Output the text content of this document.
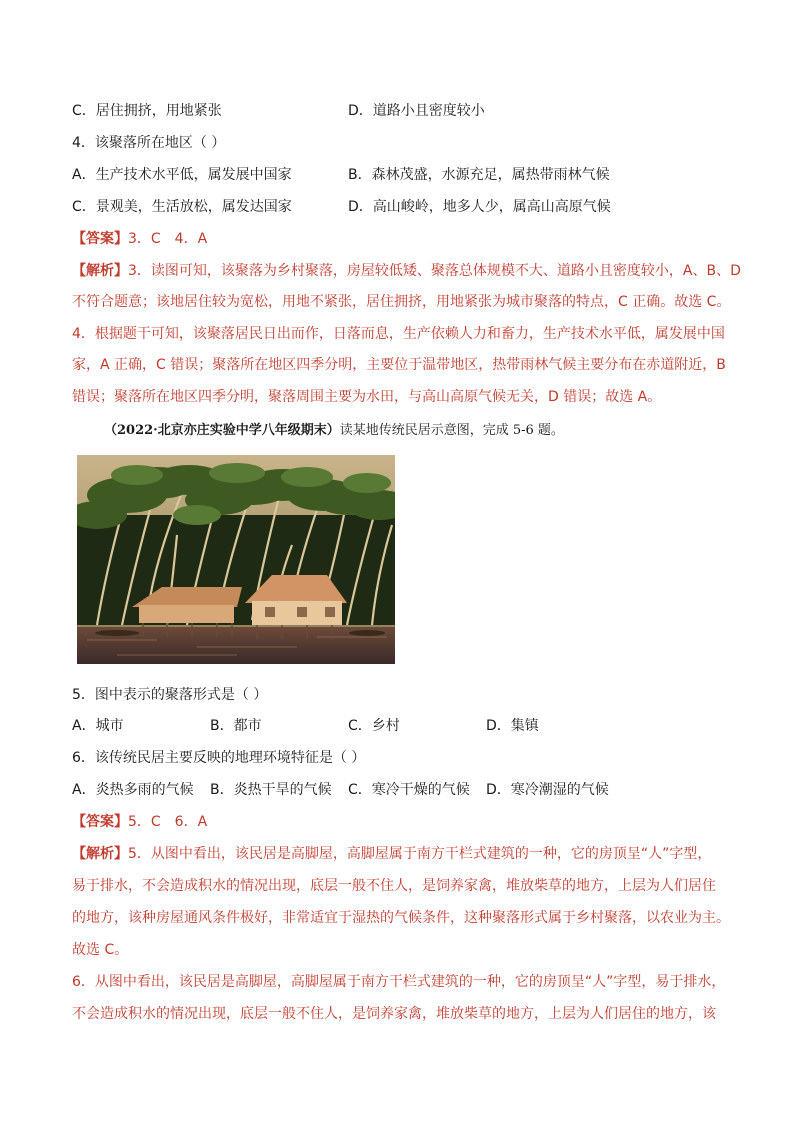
C．居住拥挤，用地紧张	D．道路小且密度较小
4．该聚落所在地区（ ）
A．生产技术水平低，属发展中国家	B．森林茂盛，水源充足，属热带雨林气候
C．景观美，生活放松，属发达国家	D．高山峻岭，地多人少，属高山高原气候
【答案】3．C　4．A
【解析】3．读图可知，该聚落为乡村聚落，房屋较低矮、聚落总体规模不大、道路小且密度较小，A、B、D
不符合题意；该地居住较为宽松，用地不紧张，居住拥挤，用地紧张为城市聚落的特点，C 正确。故选 C。
4．根据题干可知，该聚落居民日出而作，日落而息，生产依赖人力和畜力，生产技术水平低，属发展中国
家，A 正确，C 错误；聚落所在地区四季分明，主要位于温带地区，热带雨林气候主要分布在赤道附近，B
错误；聚落所在地区四季分明，聚落周围主要为水田，与高山高原气候无关，D 错误；故选 A。
（2022·北京亦庄实验中学八年级期末）读某地传统民居示意图，完成 5-6 题。
5．图中表示的聚落形式是（ ）
A．城市	B．都市	C．乡村	D．集镇
6．该传统民居主要反映的地理环境特征是（ ）
A．炎热多雨的气候 B．炎热干旱的气候 C．寒冷干燥的气候 D．寒冷潮湿的气候
【答案】5．C　6．A
【解析】5．从图中看出，该民居是高脚屋，高脚屋属于南方干栏式建筑的一种，它的房顶呈“人”字型，
易于排水，不会造成积水的情况出现，底层一般不住人，是饲养家禽，堆放柴草的地方，上层为人们居住
的地方，该种房屋通风条件极好，非常适宜于湿热的气候条件，这种聚落形式属于乡村聚落，以农业为主。
故选 C。
6．从图中看出，该民居是高脚屋，高脚屋属于南方干栏式建筑的一种，它的房顶呈“人”字型，易于排水，
不会造成积水的情况出现，底层一般不住人，是饲养家禽，堆放柴草的地方，上层为人们居住的地方，该
